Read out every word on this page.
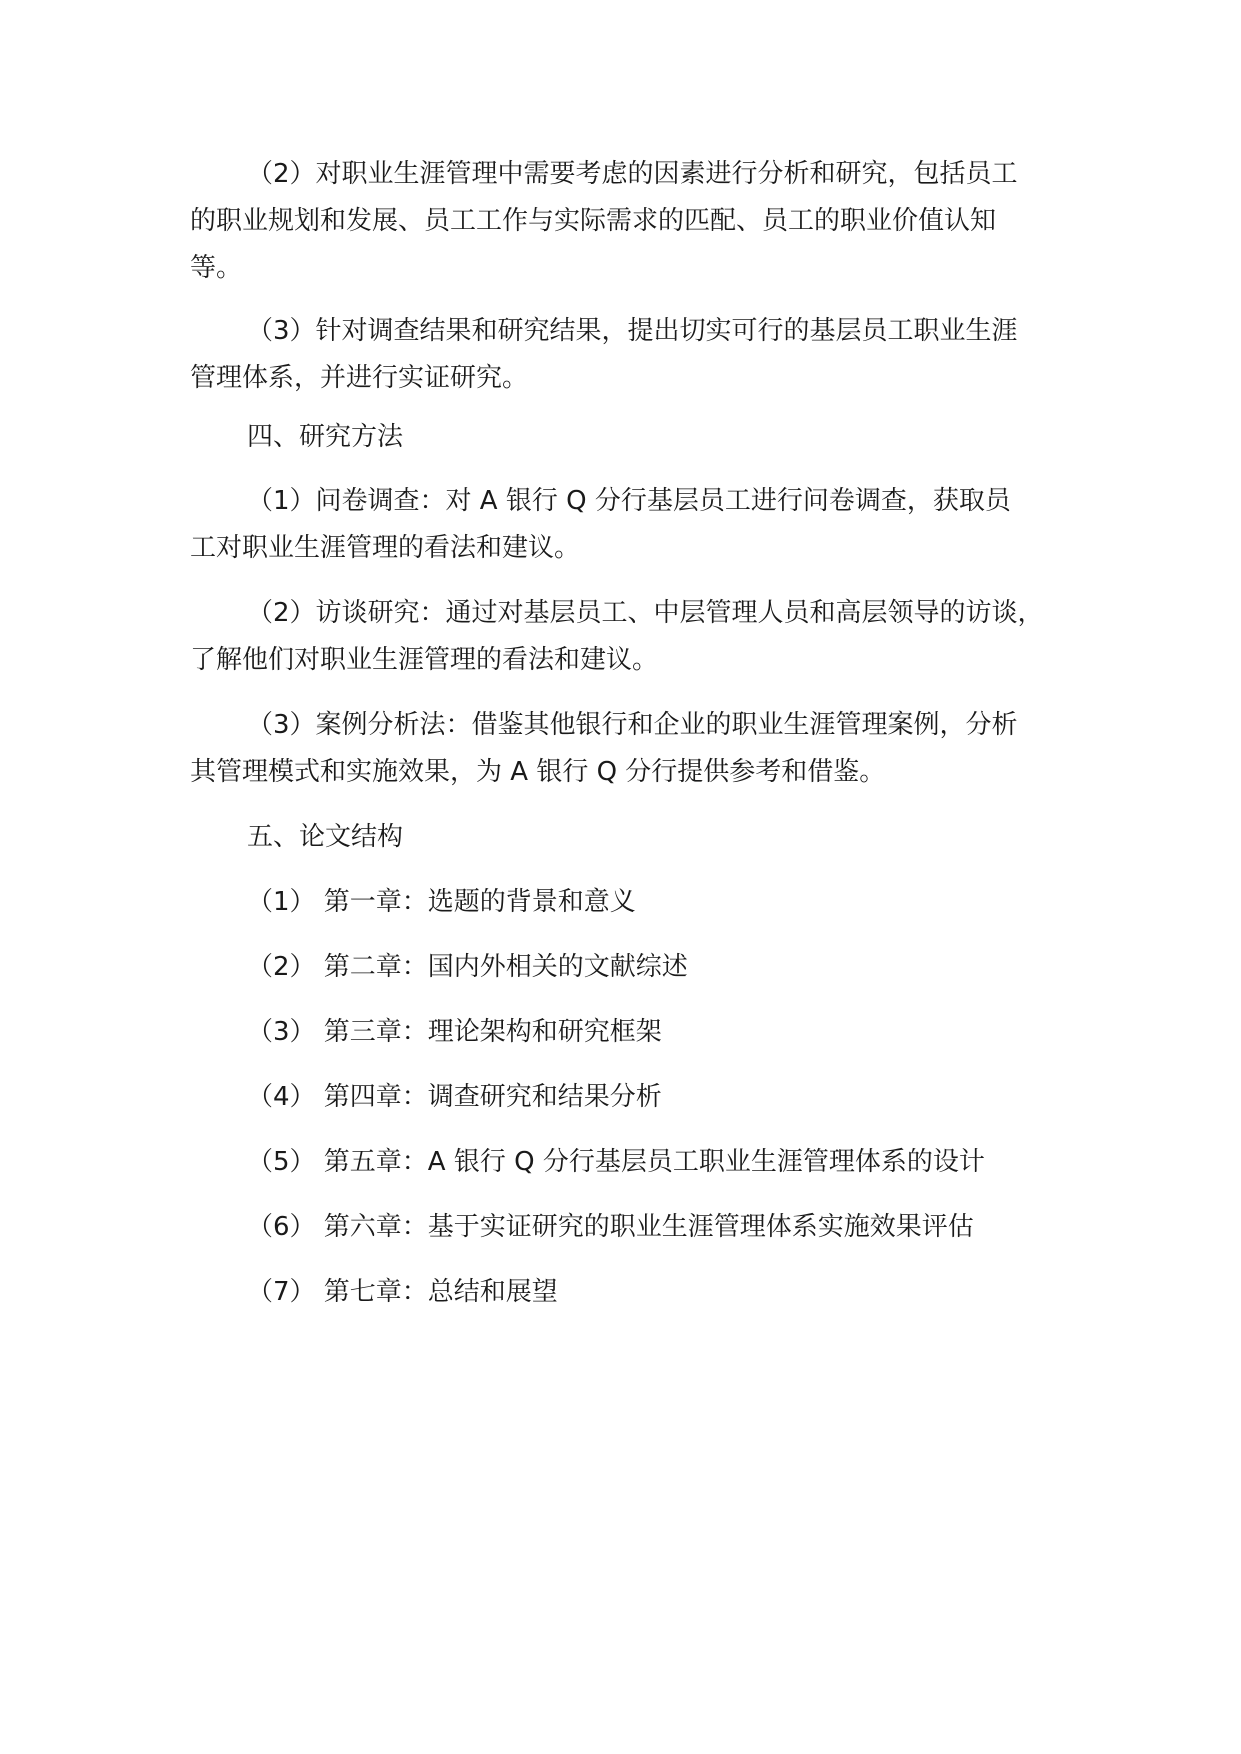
（2）对职业生涯管理中需要考虑的因素进行分析和研究，包括员工
的职业规划和发展、员工工作与实际需求的匹配、员工的职业价值认知
等。

（3）针对调查结果和研究结果，提出切实可行的基层员工职业生涯
管理体系，并进行实证研究。

四、研究方法

（1）问卷调查：对 A 银行 Q 分行基层员工进行问卷调查，获取员
工对职业生涯管理的看法和建议。

（2）访谈研究：通过对基层员工、中层管理人员和高层领导的访谈，
了解他们对职业生涯管理的看法和建议。

（3）案例分析法：借鉴其他银行和企业的职业生涯管理案例，分析
其管理模式和实施效果，为 A 银行 Q 分行提供参考和借鉴。

五、论文结构

（1） 第一章：选题的背景和意义

（2） 第二章：国内外相关的文献综述

（3） 第三章：理论架构和研究框架

（4） 第四章：调查研究和结果分析

（5） 第五章：A 银行 Q 分行基层员工职业生涯管理体系的设计

（6） 第六章：基于实证研究的职业生涯管理体系实施效果评估

（7） 第七章：总结和展望
